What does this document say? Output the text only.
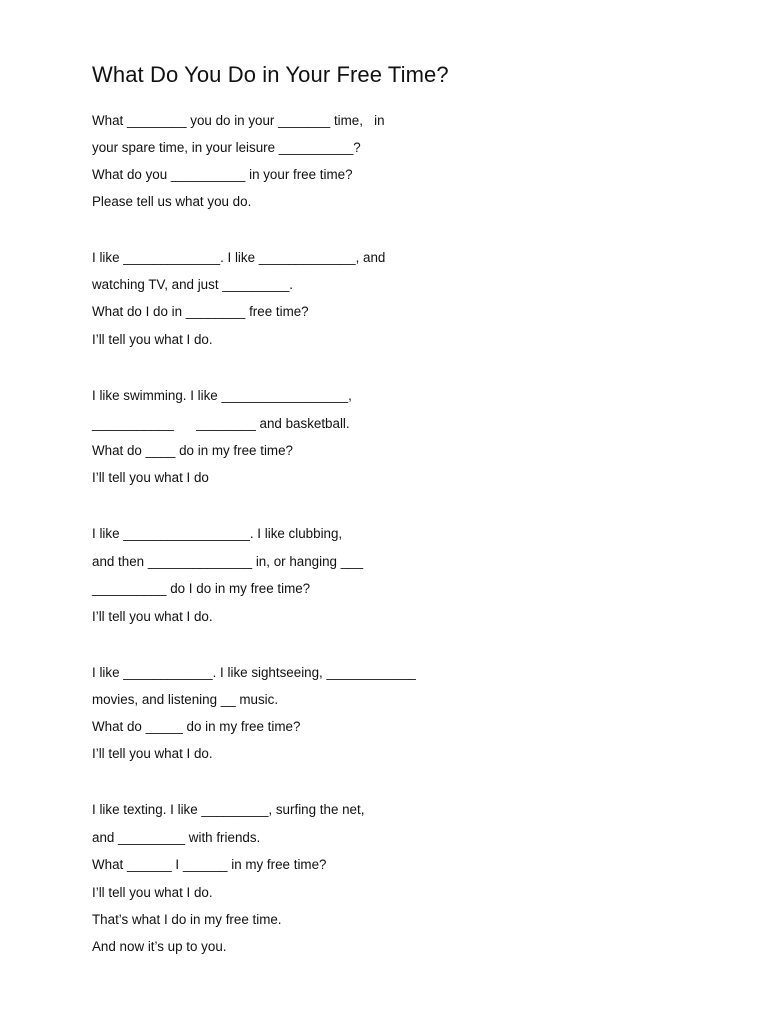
What Do You Do in Your Free Time?
What ________ you do in your _______ time,   in
your spare time, in your leisure __________?
What do you __________ in your free time?
Please tell us what you do.
I like _____________. I like _____________, and
watching TV, and just _________.
What do I do in ________ free time?
I’ll tell you what I do.
I like swimming. I like _________________,
___________      ________ and basketball.
What do ____ do in my free time?
I’ll tell you what I do
I like _________________. I like clubbing,
and then ______________ in, or hanging ___
__________ do I do in my free time?
I’ll tell you what I do.
I like ____________. I like sightseeing, ____________
movies, and listening __ music.
What do _____ do in my free time?
I’ll tell you what I do.
I like texting. I like _________, surfing the net,
and _________ with friends.
What ______ I ______ in my free time?
I’ll tell you what I do.
That’s what I do in my free time.
And now it’s up to you.
